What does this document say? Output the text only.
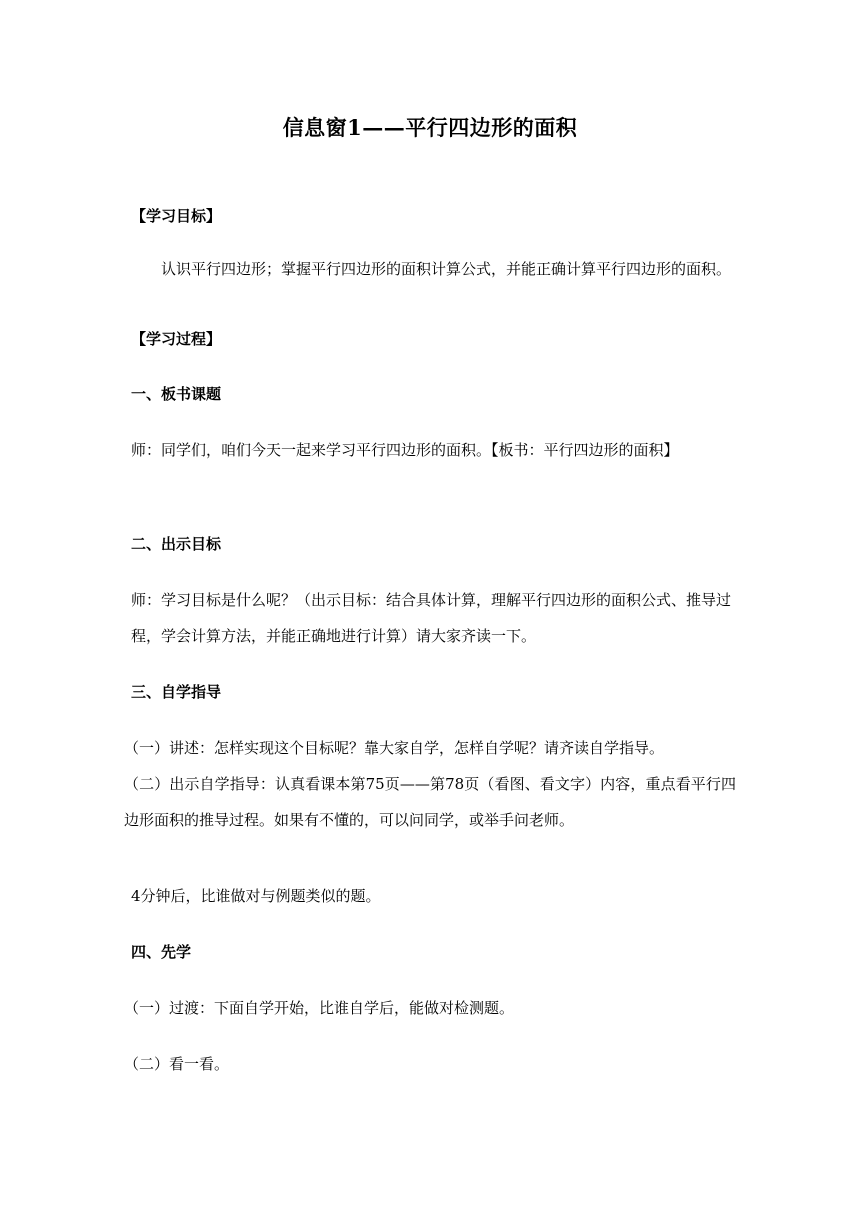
信息窗1——平行四边形的面积
【学习目标】
认识平行四边形；掌握平行四边形的面积计算公式，并能正确计算平行四边形的面积。
【学习过程】
一、板书课题
师：同学们，咱们今天一起来学习平行四边形的面积。【板书：平行四边形的面积】
二、出示目标
师：学习目标是什么呢？（出示目标：结合具体计算，理解平行四边形的面积公式、推导过程，学会计算方法，并能正确地进行计算）请大家齐读一下。
三、自学指导
（一）讲述：怎样实现这个目标呢？靠大家自学，怎样自学呢？请齐读自学指导。
（二）出示自学指导：认真看课本第75页——第78页（看图、看文字）内容，重点看平行四边形面积的推导过程。如果有不懂的，可以问同学，或举手问老师。
4分钟后，比谁做对与例题类似的题。
四、先学
（一）过渡：下面自学开始，比谁自学后，能做对检测题。
（二）看一看。
